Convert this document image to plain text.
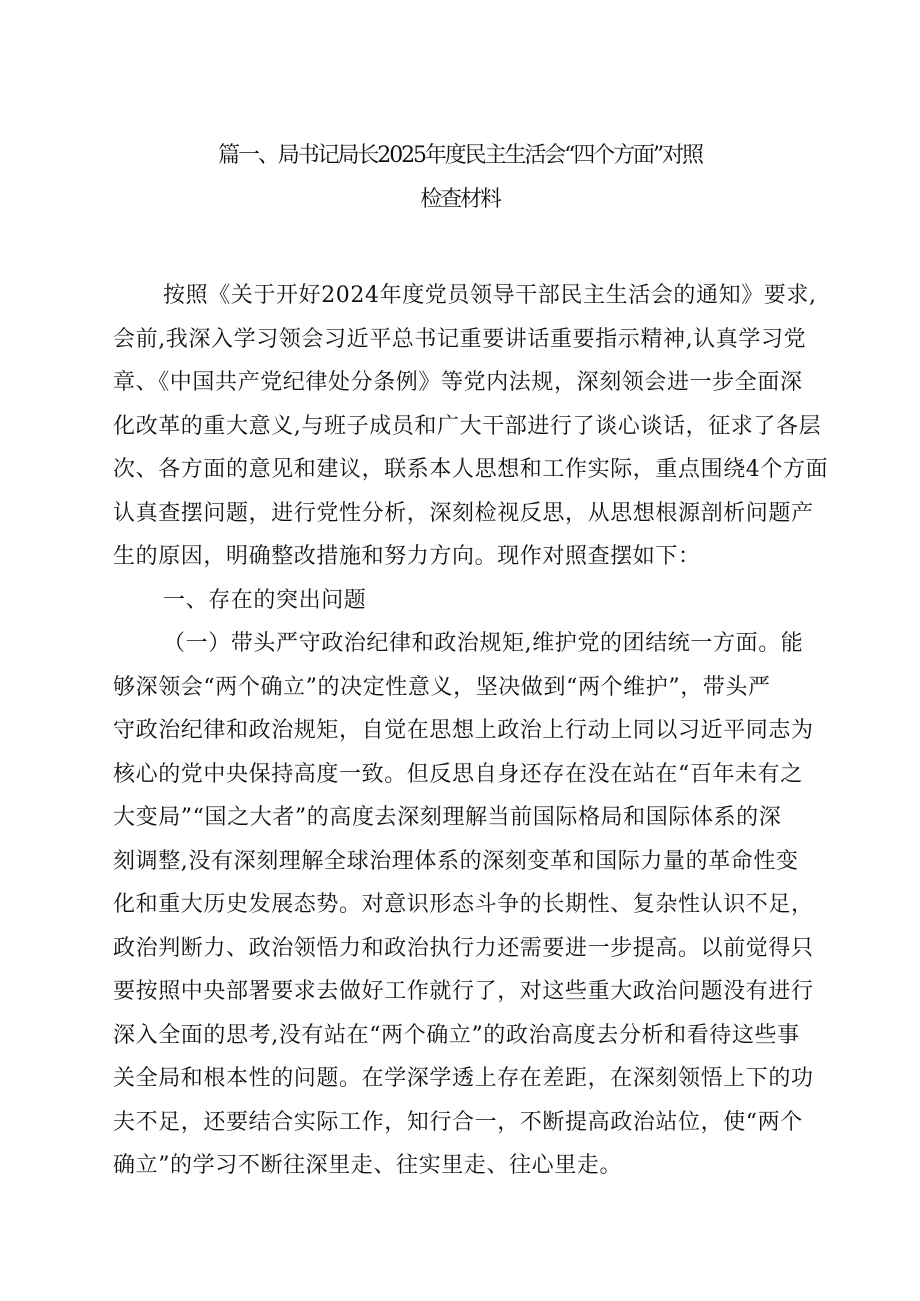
篇一、局书记局长2025年度民主生活会“四个方面”对照
检查材料
按照《关于开好2024年度党员领导干部民主生活会的通知》要求,
会前,我深入学习领会习近平总书记重要讲话重要指示精神,认真学习党
章、《中国共产党纪律处分条例》等党内法规，深刻领会进一步全面深
化改革的重大意义,与班子成员和广大干部进行了谈心谈话，征求了各层
次、各方面的意见和建议，联系本人思想和工作实际，重点围绕4个方面
认真查摆问题，进行党性分析，深刻检视反思，从思想根源剖析问题产
生的原因，明确整改措施和努力方向。现作对照查摆如下：
一、存在的突出问题
（一）带头严守政治纪律和政治规矩,维护党的团结统一方面。能
够深领会“两个确立”的决定性意义，坚决做到“两个维护”，带头严
守政治纪律和政治规矩，自觉在思想上政治上行动上同以习近平同志为
核心的党中央保持高度一致。但反思自身还存在没在站在“百年未有之
大变局”“国之大者”的高度去深刻理解当前国际格局和国际体系的深
刻调整,没有深刻理解全球治理体系的深刻变革和国际力量的革命性变
化和重大历史发展态势。对意识形态斗争的长期性、复杂性认识不足，
政治判断力、政治领悟力和政治执行力还需要进一步提高。以前觉得只
要按照中央部署要求去做好工作就行了，对这些重大政治问题没有进行
深入全面的思考,没有站在“两个确立”的政治高度去分析和看待这些事
关全局和根本性的问题。在学深学透上存在差距，在深刻领悟上下的功
夫不足，还要结合实际工作，知行合一，不断提高政治站位，使“两个
确立”的学习不断往深里走、往实里走、往心里走。
